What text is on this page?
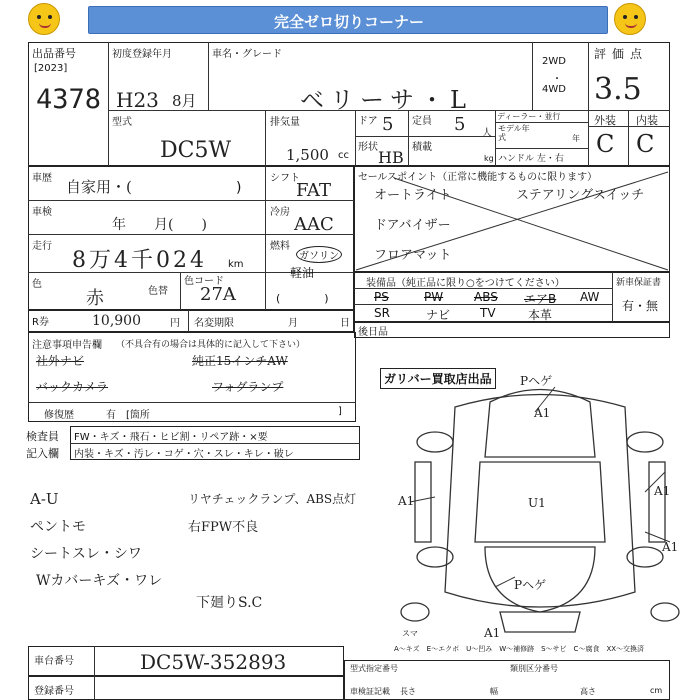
完全ゼロ切りコーナー
出品番号
[2023]
4378
初度登録年月
H23 8月
車名・グレード
ベリーサ・L
2WD
・
4WD
評価点
3.5
外装 内装
C C
型式
DC5W
排気量
1,500 cc
ドア 5 定員 5 人
形状
HB
積載
kg
ディーラー・並行
モデル年式	年
ハンドル 左・右
車歴 自家用・(	)
車検
年　　月(　　)
走行
8万4千024 km
色
赤	色替
色コード
27A
シフト
FAT
冷房
AAC
燃料
ガソリン
軽油
(　　　　)
セールスポイント（正常に機能するものに限ります）
オートライト	ステアリングスイッチ
ドアバイザー
フロアマット
装備品（純正品に限り○をつけてください）
PS	PW	ABS エアB AW
SR	ナビ TV	本革
新車保証書
有・無
R券	10,900	円 名変期限	月	日
後日品
注意事項申告欄 （不具合有の場合は具体的に記入して下さい）
社外ナビ	純正15インチAW
バックカメラ	フォグランプ
修復歴	有　[箇所	]
ガリバー買取店出品
検査員
記入欄
FW・キズ・飛石・ヒビ割・リペア跡・×要
内装・キズ・汚レ・コゲ・穴・スレ・キレ・破レ
A-U
ペントモ
シートスレ・シワ
Wカバーキズ・ワレ
リヤチェックランプ、ABS点灯
右FPW不良
下廻りS.C
Pヘゲ
A1
A1	U1
A1
A1
Pヘゲ
A1
スマ
A～キズ　E～エクボ　U～凹み　W～補修跡　S～サビ　C～腐食　XX～交換済
車台番号	DC5W-352893
登録番号
型式指定番号	類別区分番号
車検証記載 長さ	幅	高さ	cm
